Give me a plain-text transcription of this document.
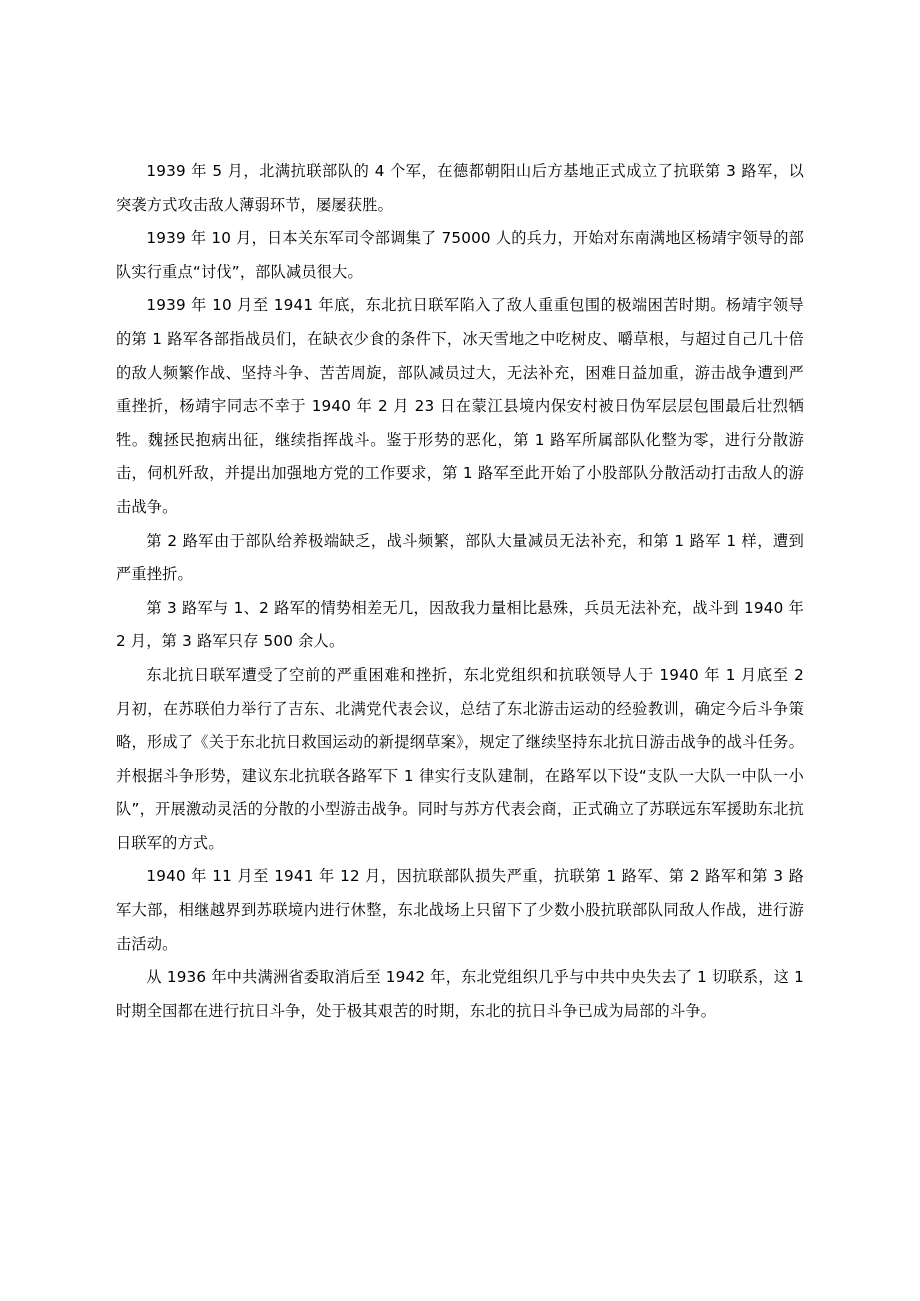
1939 年 5 月，北满抗联部队的 4 个军，在德都朝阳山后方基地正式成立了抗联第 3 路军，以突袭方式攻击敌人薄弱环节，屡屡获胜。

1939 年 10 月，日本关东军司令部调集了 75000 人的兵力，开始对东南满地区杨靖宇领导的部队实行重点“讨伐”，部队减员很大。

1939 年 10 月至 1941 年底，东北抗日联军陷入了敌人重重包围的极端困苦时期。杨靖宇领导的第 1 路军各部指战员们，在缺衣少食的条件下，冰天雪地之中吃树皮、嚼草根，与超过自己几十倍的敌人频繁作战、坚持斗争、苦苦周旋，部队减员过大，无法补充，困难日益加重，游击战争遭到严重挫折，杨靖宇同志不幸于 1940 年 2 月 23 日在蒙江县境内保安村被日伪军层层包围最后壮烈牺牲。魏拯民抱病出征，继续指挥战斗。鉴于形势的恶化，第 1 路军所属部队化整为零，进行分散游击，伺机歼敌，并提出加强地方党的工作要求，第 1 路军至此开始了小股部队分散活动打击敌人的游击战争。

第 2 路军由于部队给养极端缺乏，战斗频繁，部队大量减员无法补充，和第 1 路军 1 样，遭到严重挫折。

第 3 路军与 1、2 路军的情势相差无几，因敌我力量相比悬殊，兵员无法补充，战斗到 1940 年 2 月，第 3 路军只存 500 余人。

东北抗日联军遭受了空前的严重困难和挫折，东北党组织和抗联领导人于 1940 年 1 月底至 2 月初，在苏联伯力举行了吉东、北满党代表会议，总结了东北游击运动的经验教训，确定今后斗争策略，形成了《关于东北抗日救国运动的新提纲草案》，规定了继续坚持东北抗日游击战争的战斗任务。并根据斗争形势，建议东北抗联各路军下 1 律实行支队建制，在路军以下设“支队一大队一中队一小队”，开展激动灵活的分散的小型游击战争。同时与苏方代表会商，正式确立了苏联远东军援助东北抗日联军的方式。

1940 年 11 月至 1941 年 12 月，因抗联部队损失严重，抗联第 1 路军、第 2 路军和第 3 路军大部，相继越界到苏联境内进行休整，东北战场上只留下了少数小股抗联部队同敌人作战，进行游击活动。

从 1936 年中共满洲省委取消后至 1942 年，东北党组织几乎与中共中央失去了 1 切联系，这 1 时期全国都在进行抗日斗争，处于极其艰苦的时期，东北的抗日斗争已成为局部的斗争。
